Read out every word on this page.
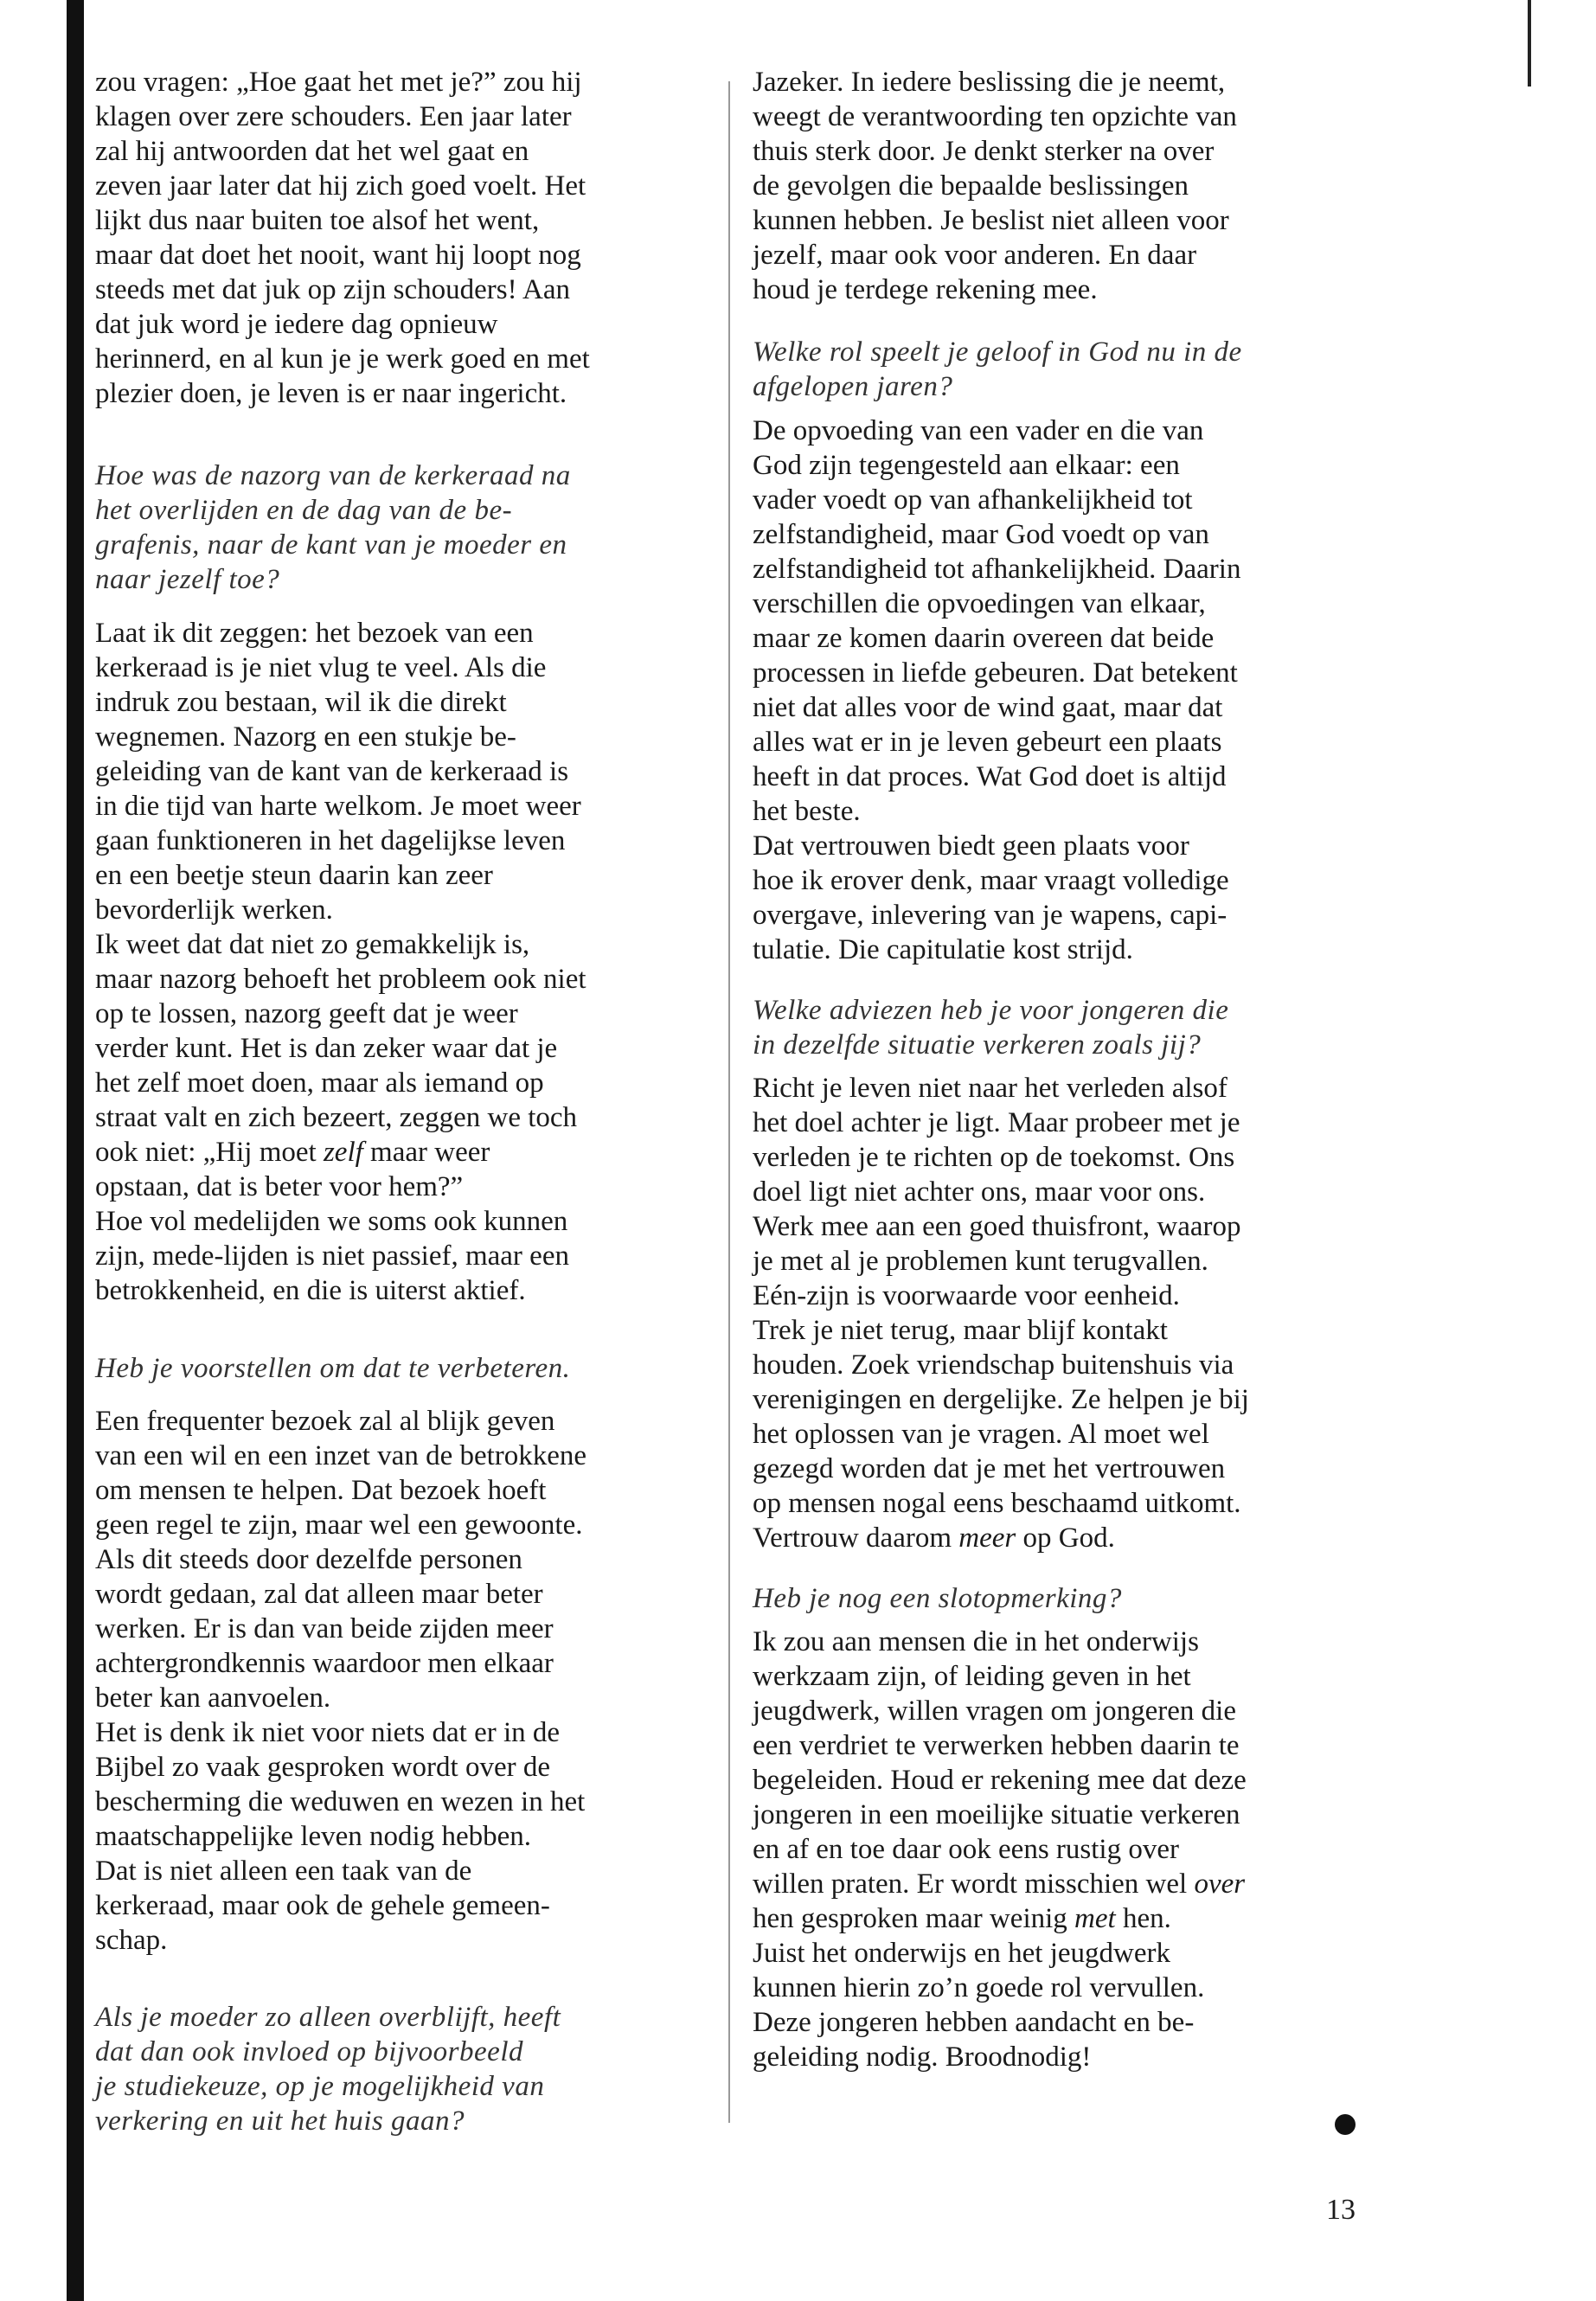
zou vragen: „Hoe gaat het met je?” zou hij
klagen over zere schouders. Een jaar later
zal hij antwoorden dat het wel gaat en
zeven jaar later dat hij zich goed voelt. Het
lijkt dus naar buiten toe alsof het went,
maar dat doet het nooit, want hij loopt nog
steeds met dat juk op zijn schouders! Aan
dat juk word je iedere dag opnieuw
herinnerd, en al kun je je werk goed en met
plezier doen, je leven is er naar ingericht.
Hoe was de nazorg van de kerkeraad na
het overlijden en de dag van de be-
grafenis, naar de kant van je moeder en
naar jezelf toe?
Laat ik dit zeggen: het bezoek van een
kerkeraad is je niet vlug te veel. Als die
indruk zou bestaan, wil ik die direkt
wegnemen. Nazorg en een stukje be-
geleiding van de kant van de kerkeraad is
in die tijd van harte welkom. Je moet weer
gaan funktioneren in het dagelijkse leven
en een beetje steun daarin kan zeer
bevorderlijk werken.
Ik weet dat dat niet zo gemakkelijk is,
maar nazorg behoeft het probleem ook niet
op te lossen, nazorg geeft dat je weer
verder kunt. Het is dan zeker waar dat je
het zelf moet doen, maar als iemand op
straat valt en zich bezeert, zeggen we toch
ook niet: „Hij moet zelf maar weer
opstaan, dat is beter voor hem?”
Hoe vol medelijden we soms ook kunnen
zijn, mede-lijden is niet passief, maar een
betrokkenheid, en die is uiterst aktief.
Heb je voorstellen om dat te verbeteren.
Een frequenter bezoek zal al blijk geven
van een wil en een inzet van de betrokkene
om mensen te helpen. Dat bezoek hoeft
geen regel te zijn, maar wel een gewoonte.
Als dit steeds door dezelfde personen
wordt gedaan, zal dat alleen maar beter
werken. Er is dan van beide zijden meer
achtergrondkennis waardoor men elkaar
beter kan aanvoelen.
Het is denk ik niet voor niets dat er in de
Bijbel zo vaak gesproken wordt over de
bescherming die weduwen en wezen in het
maatschappelijke leven nodig hebben.
Dat is niet alleen een taak van de
kerkeraad, maar ook de gehele gemeen-
schap.
Als je moeder zo alleen overblijft, heeft
dat dan ook invloed op bijvoorbeeld
je studiekeuze, op je mogelijkheid van
verkering en uit het huis gaan?
Jazeker. In iedere beslissing die je neemt,
weegt de verantwoording ten opzichte van
thuis sterk door. Je denkt sterker na over
de gevolgen die bepaalde beslissingen
kunnen hebben. Je beslist niet alleen voor
jezelf, maar ook voor anderen. En daar
houd je terdege rekening mee.
Welke rol speelt je geloof in God nu in de
afgelopen jaren?
De opvoeding van een vader en die van
God zijn tegengesteld aan elkaar: een
vader voedt op van afhankelijkheid tot
zelfstandigheid, maar God voedt op van
zelfstandigheid tot afhankelijkheid. Daarin
verschillen die opvoedingen van elkaar,
maar ze komen daarin overeen dat beide
processen in liefde gebeuren. Dat betekent
niet dat alles voor de wind gaat, maar dat
alles wat er in je leven gebeurt een plaats
heeft in dat proces. Wat God doet is altijd
het beste.
Dat vertrouwen biedt geen plaats voor
hoe ik erover denk, maar vraagt volledige
overgave, inlevering van je wapens, capi-
tulatie. Die capitulatie kost strijd.
Welke adviezen heb je voor jongeren die
in dezelfde situatie verkeren zoals jij?
Richt je leven niet naar het verleden alsof
het doel achter je ligt. Maar probeer met je
verleden je te richten op de toekomst. Ons
doel ligt niet achter ons, maar voor ons.
Werk mee aan een goed thuisfront, waarop
je met al je problemen kunt terugvallen.
Eén-zijn is voorwaarde voor eenheid.
Trek je niet terug, maar blijf kontakt
houden. Zoek vriendschap buitenshuis via
verenigingen en dergelijke. Ze helpen je bij
het oplossen van je vragen. Al moet wel
gezegd worden dat je met het vertrouwen
op mensen nogal eens beschaamd uitkomt.
Vertrouw daarom meer op God.
Heb je nog een slotopmerking?
Ik zou aan mensen die in het onderwijs
werkzaam zijn, of leiding geven in het
jeugdwerk, willen vragen om jongeren die
een verdriet te verwerken hebben daarin te
begeleiden. Houd er rekening mee dat deze
jongeren in een moeilijke situatie verkeren
en af en toe daar ook eens rustig over
willen praten. Er wordt misschien wel over
hen gesproken maar weinig met hen.
Juist het onderwijs en het jeugdwerk
kunnen hierin zo’n goede rol vervullen.
Deze jongeren hebben aandacht en be-
geleiding nodig. Broodnodig!
13
